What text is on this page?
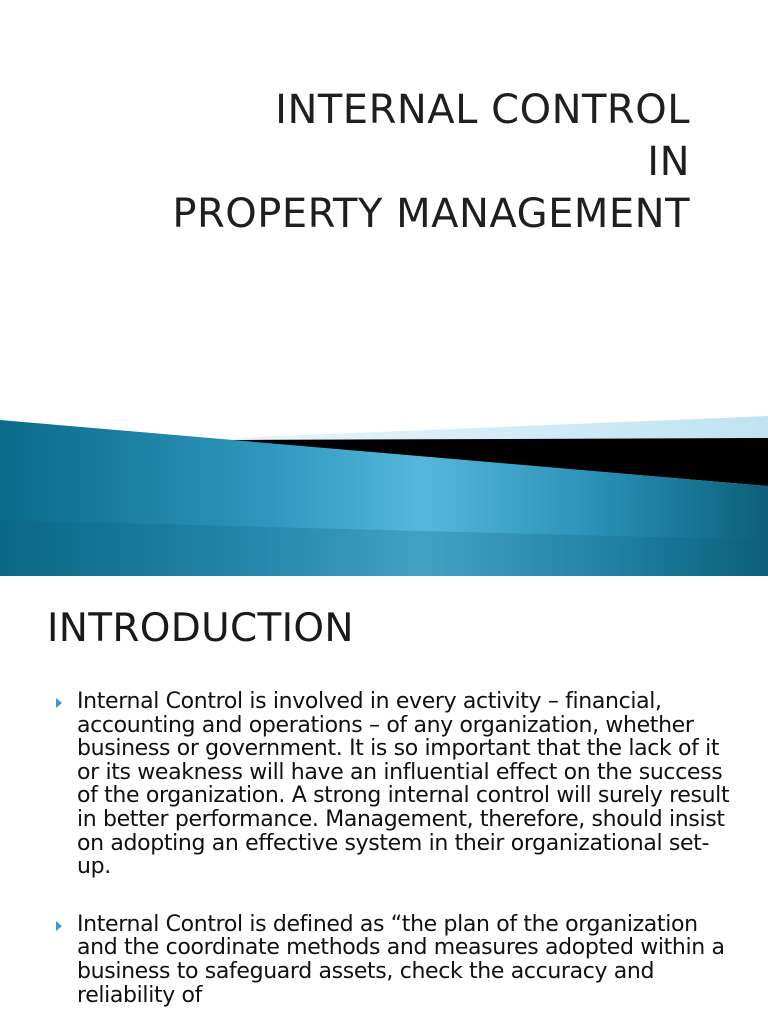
INTERNAL CONTROL
IN
PROPERTY MANAGEMENT
INTRODUCTION
Internal Control is involved in every activity – financial, accounting and operations – of any organization, whether business or government. It is so important that the lack of it or its weakness will have an influential effect on the success of the organization. A strong internal control will surely result in better performance. Management, therefore, should insist on adopting an effective system in their organizational set-up.
Internal Control is defined as “the plan of the organization and the coordinate methods and measures adopted within a business to safeguard assets, check the accuracy and reliability of
